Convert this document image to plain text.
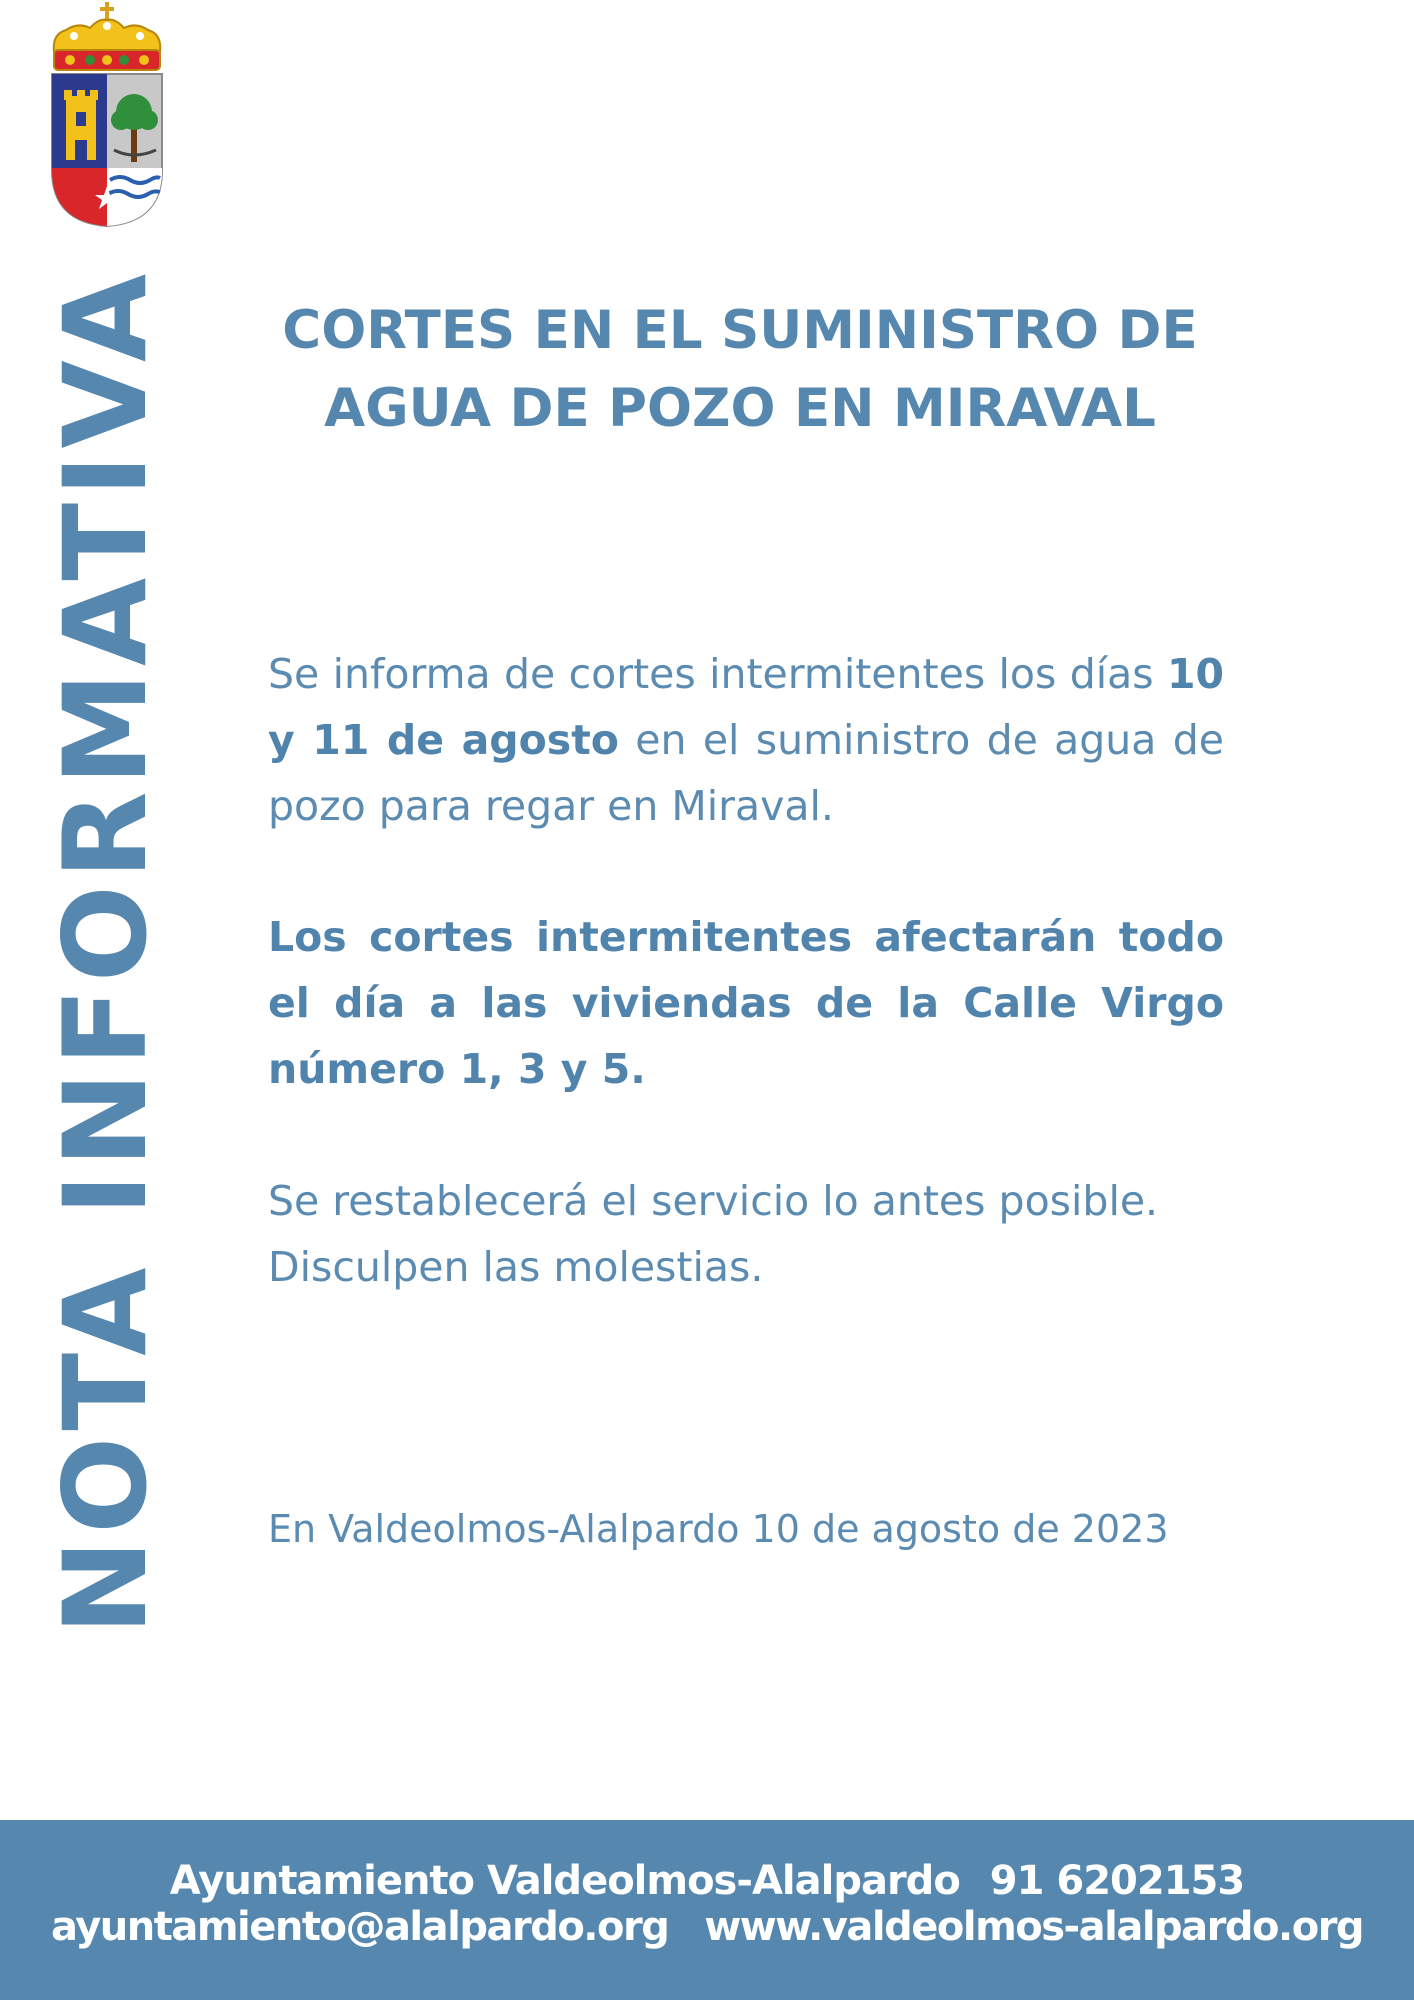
NOTA INFORMATIVA CORTES EN EL SUMINISTRO DE
AGUA DE POZO EN MIRAVAL
Se informa de cortes intermitentes los días 10 y 11 de agosto en el suministro de agua de pozo para regar en Miraval.
Los cortes intermitentes afectarán todo el día a las viviendas de la Calle Virgo número 1, 3 y 5.
Se restablecerá el servicio lo antes posible.
Disculpen las molestias.
En Valdeolmos-Alalpardo 10 de agosto de 2023
Ayuntamiento Valdeolmos-Alalpardo 91 6202153
ayuntamiento@alalpardo.org www.valdeolmos-alalpardo.org
